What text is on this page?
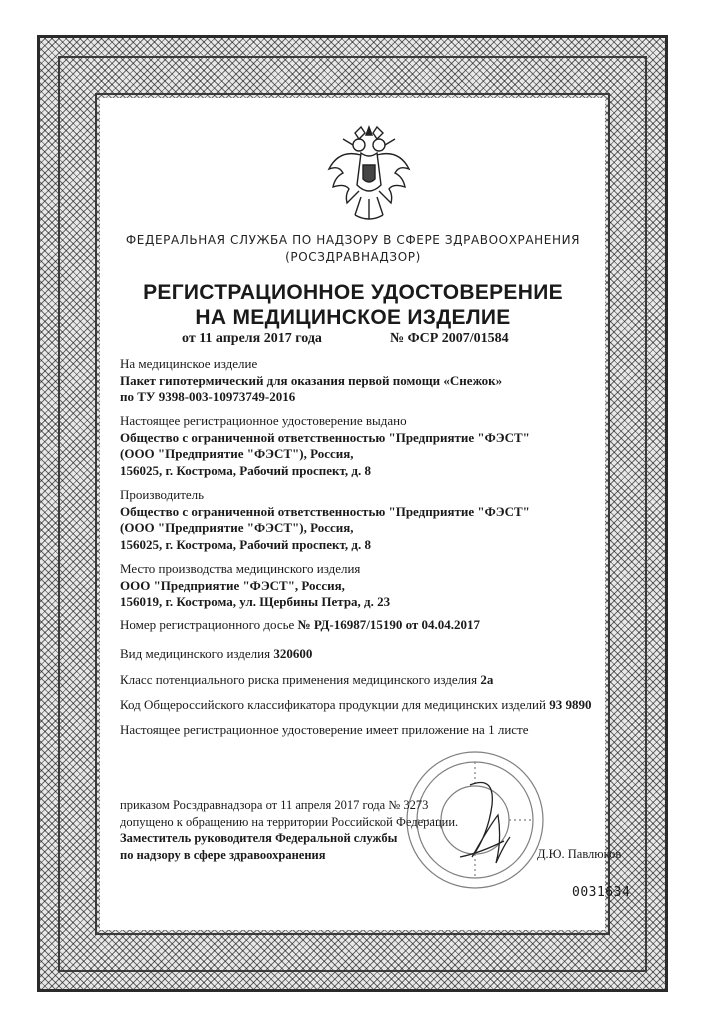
ФЕДЕРАЛЬНАЯ СЛУЖБА ПО НАДЗОРУ В СФЕРЕ ЗДРАВООХРАНЕНИЯ
(РОСЗДРАВНАДЗОР)
РЕГИСТРАЦИОННОЕ УДОСТОВЕРЕНИЕ
НА МЕДИЦИНСКОЕ ИЗДЕЛИЕ
от 11 апреля 2017 года	№ ФСР 2007/01584
На медицинское изделие
Пакет гипотермический для оказания первой помощи «Снежок»
по ТУ 9398-003-10973749-2016
Настоящее регистрационное удостоверение выдано
Общество с ограниченной ответственностью "Предприятие "ФЭСТ"
(ООО "Предприятие "ФЭСТ"), Россия,
156025, г. Кострома, Рабочий проспект, д. 8
Производитель
Общество с ограниченной ответственностью "Предприятие "ФЭСТ"
(ООО "Предприятие "ФЭСТ"), Россия,
156025, г. Кострома, Рабочий проспект, д. 8
Место производства медицинского изделия
ООО "Предприятие "ФЭСТ", Россия,
156019, г. Кострома, ул. Щербины Петра, д. 23
Номер регистрационного досье № РД-16987/15190 от 04.04.2017
Вид медицинского изделия 320600
Класс потенциального риска применения медицинского изделия 2а
Код Общероссийского классификатора продукции для медицинских изделий 93 9890
Настоящее регистрационное удостоверение имеет приложение на 1 листе
приказом Росздравнадзора от 11 апреля 2017 года № 3273
допущено к обращению на территории Российской Федерации.
Заместитель руководителя Федеральной службы
по надзору в сфере здравоохранения	Д.Ю. Павлюков
0031634
